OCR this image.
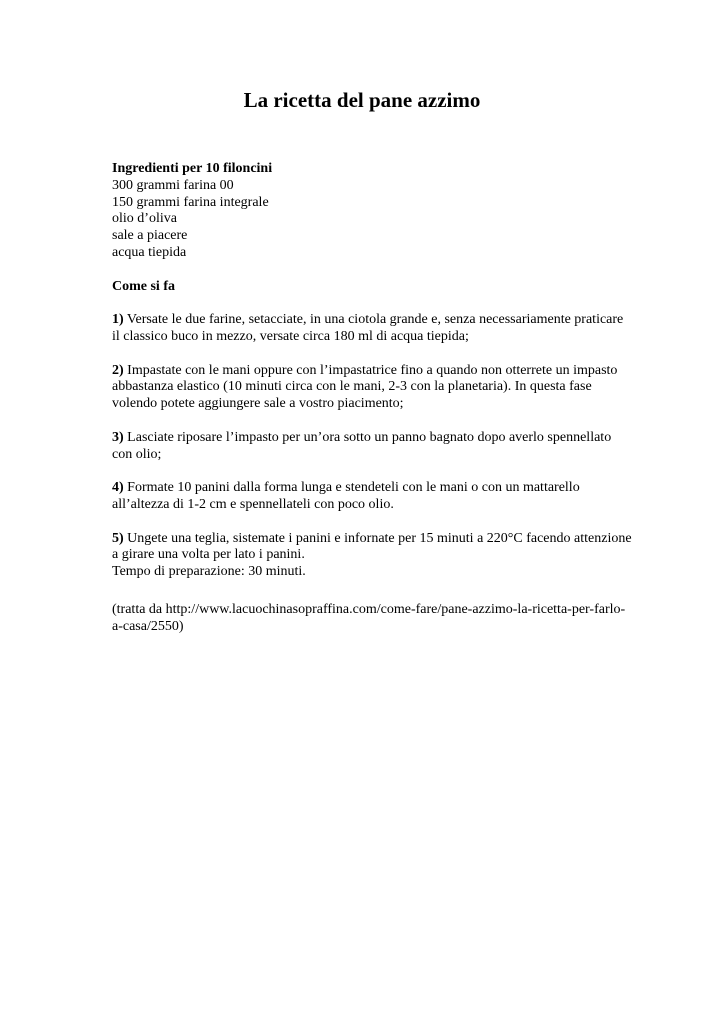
La ricetta del pane azzimo
Ingredienti per 10 filoncini
300 grammi farina 00
150 grammi farina integrale
olio d’oliva
sale a piacere
acqua tiepida
Come si fa
1) Versate le due farine, setacciate, in una ciotola grande e, senza necessariamente praticare
il classico buco in mezzo, versate circa 180 ml di acqua tiepida;
2) Impastate con le mani oppure con l’impastatrice fino a quando non otterrete un impasto
abbastanza elastico (10 minuti circa con le mani, 2-3 con la planetaria). In questa fase
volendo potete aggiungere sale a vostro piacimento;
3) Lasciate riposare l’impasto per un’ora sotto un panno bagnato dopo averlo spennellato
con olio;
4) Formate 10 panini dalla forma lunga e stendeteli con le mani o con un mattarello
all’altezza di 1-2 cm e spennellateli con poco olio.
5) Ungete una teglia, sistemate i panini e infornate per 15 minuti a 220°C facendo attenzione
a girare una volta per lato i panini.
Tempo di preparazione: 30 minuti.
(tratta da http://www.lacuochinasopraffina.com/come-fare/pane-azzimo-la-ricetta-per-farlo-
a-casa/2550)
